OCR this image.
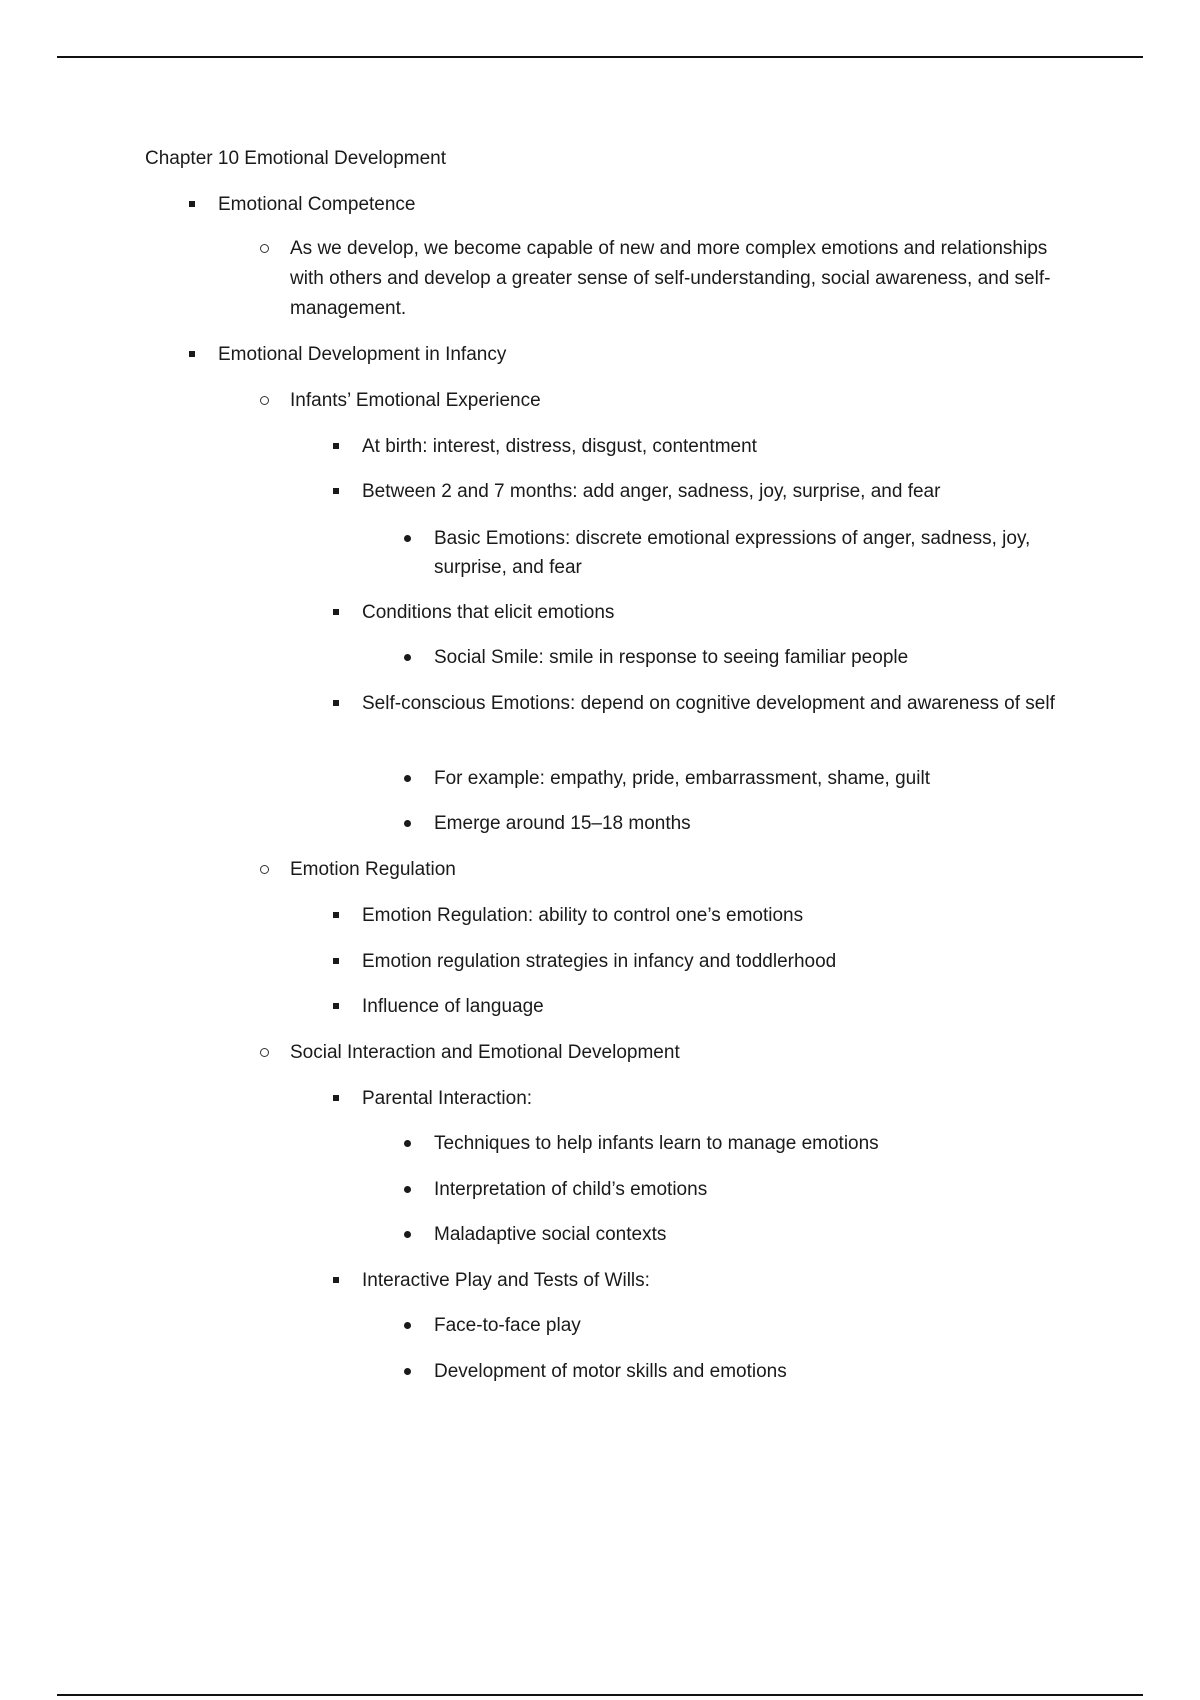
Chapter 10 Emotional Development
Emotional Competence
As we develop, we become capable of new and more complex emotions and relationships with others and develop a greater sense of self-understanding, social awareness, and self-management.
Emotional Development in Infancy
Infants’ Emotional Experience
At birth: interest, distress, disgust, contentment
Between 2 and 7 months: add anger, sadness, joy, surprise, and fear
Basic Emotions: discrete emotional expressions of anger, sadness, joy, surprise, and fear
Conditions that elicit emotions
Social Smile: smile in response to seeing familiar people
Self-conscious Emotions: depend on cognitive development and awareness of self
For example: empathy, pride, embarrassment, shame, guilt
Emerge around 15–18 months
Emotion Regulation
Emotion Regulation: ability to control one’s emotions
Emotion regulation strategies in infancy and toddlerhood
Influence of language
Social Interaction and Emotional Development
Parental Interaction:
Techniques to help infants learn to manage emotions
Interpretation of child’s emotions
Maladaptive social contexts
Interactive Play and Tests of Wills:
Face-to-face play
Development of motor skills and emotions
